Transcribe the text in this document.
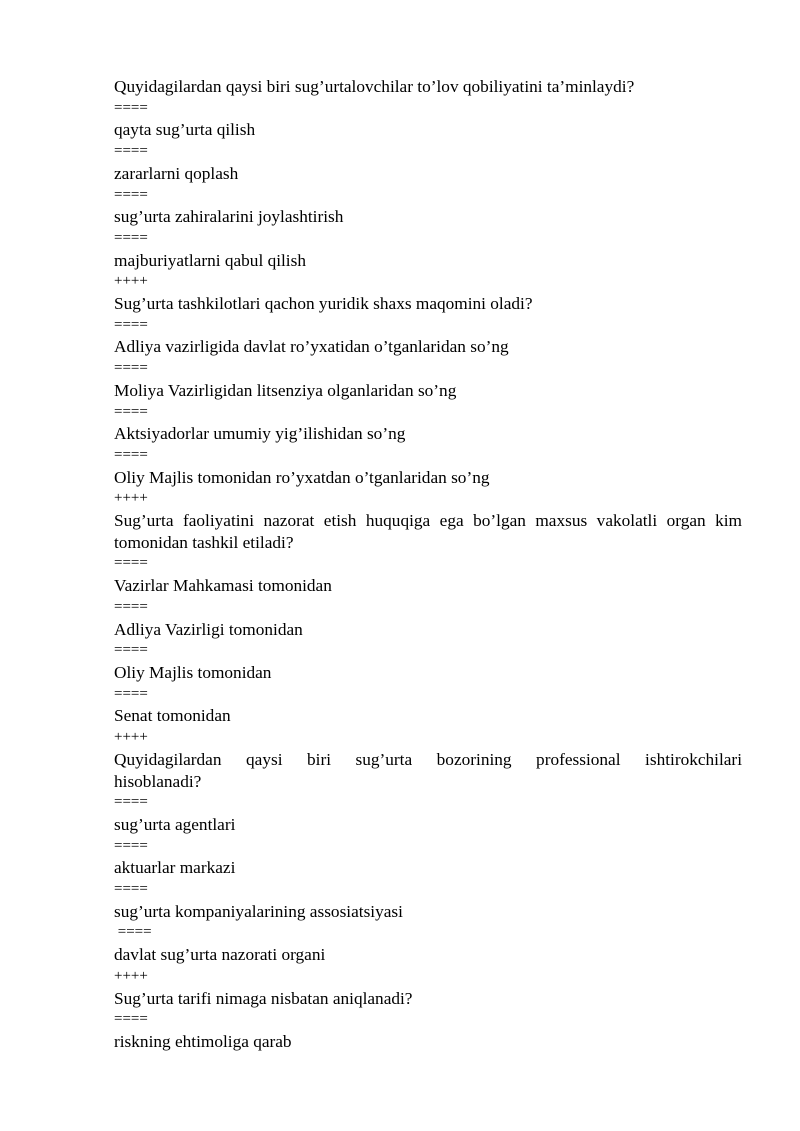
Quyidagilardan qaysi biri sug’urtalovchilar to’lov qobiliyatini ta’minlaydi?

====

qayta sug’urta qilish

====

zararlarni qoplash

====

sug’urta zahiralarini joylashtirish

====

majburiyatlarni qabul qilish

++++

Sug’urta tashkilotlari qachon yuridik shaxs maqomini oladi?

====

Adliya vazirligida davlat ro’yxatidan o’tganlaridan so’ng

====

Moliya Vazirligidan litsenziya olganlaridan so’ng

====

Aktsiyadorlar umumiy yig’ilishidan so’ng

====

Oliy Majlis tomonidan ro’yxatdan o’tganlaridan so’ng

++++

Sug’urta faoliyatini nazorat etish huquqiga ega bo’lgan maxsus vakolatli organ kim tomonidan tashkil etiladi?

====

Vazirlar Mahkamasi tomonidan

====

Adliya Vazirligi tomonidan

====

Oliy Majlis tomonidan

====

Senat tomonidan

++++

Quyidagilardan qaysi biri sug’urta bozorining professional ishtirokchilari

hisoblanadi?

====

sug’urta agentlari

====

aktuarlar markazi

====

sug’urta kompaniyalarining assosiatsiyasi

====

davlat sug’urta nazorati organi

++++

Sug’urta tarifi nimaga nisbatan aniqlanadi?

====

riskning ehtimoliga qarab
